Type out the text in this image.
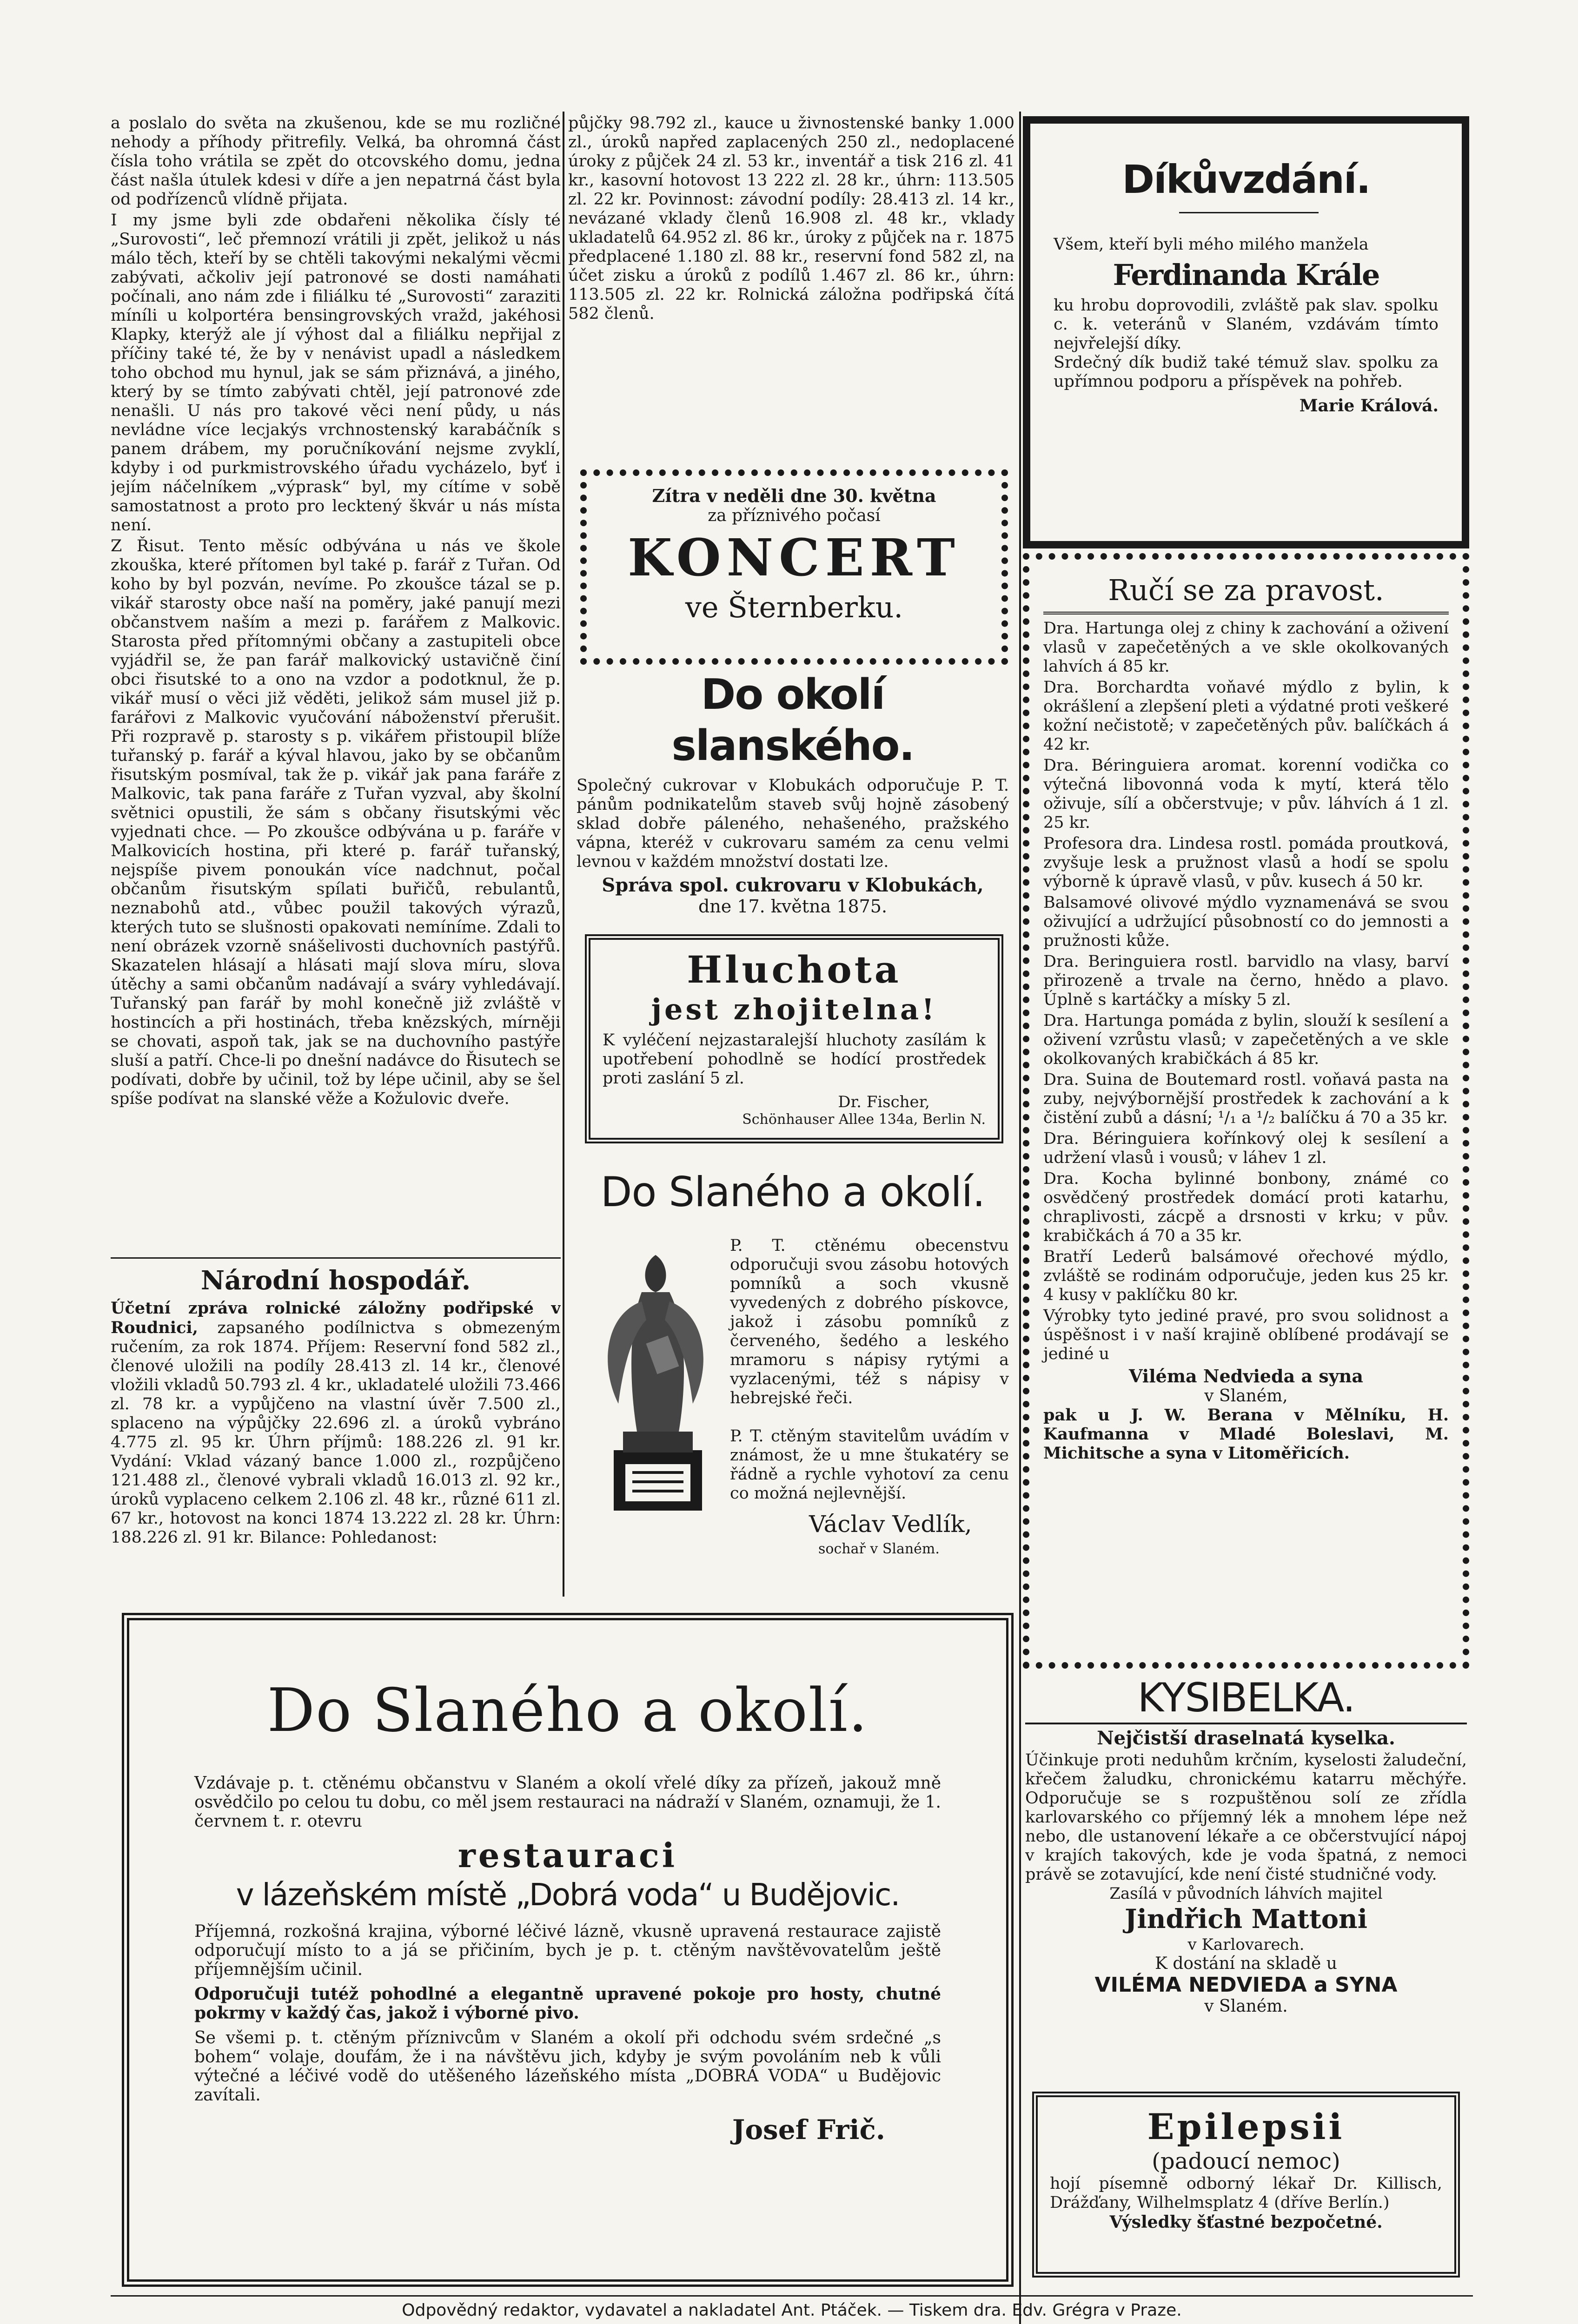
a poslalo do světa na zkušenou, kde se mu rozličné nehody a příhody přitrefily. Velká, ba ohromná část čísla toho vrátila se zpět do otcovského domu, jedna část našla útulek kdesi v díře a jen nepatrná část byla od podřízenců vlídně přijata.

I my jsme byli zde obdařeni několika čísly té „Surovosti“, leč přemnozí vrátili ji zpět, jelikož u nás málo těch, kteří by se chtěli takovými nekalými věcmi zabývati, ačkoliv její patronové se dosti namáhati počínali, ano nám zde i filiálku té „Surovosti“ zaraziti míníli u kolportéra bensingrovských vražd, jakéhosi Klapky, kterýž ale jí výhost dal a filiálku nepřijal z příčiny také té, že by v nenávist upadl a následkem toho obchod mu hynul, jak se sám přiznává, a jiného, který by se tímto zabývati chtěl, její patronové zde nenašli. U nás pro takové věci není půdy, u nás nevládne více lecjakýs vrchnostenský karabáčník s panem drábem, my poručníkování nejsme zvyklí, kdyby i od purkmistrovského úřadu vycházelo, byť i jejím náčelníkem „výprask“ byl, my cítíme v sobě samostatnost a proto pro lecktený škvár u nás místa není.

Z Řisut. Tento měsíc odbývána u nás ve škole zkouška, které přítomen byl také p. farář z Tuřan. Od koho by byl pozván, nevíme. Po zkoušce tázal se p. vikář starosty obce naší na poměry, jaké panují mezi občanstvem naším a mezi p. farářem z Malkovic. Starosta před přítomnými občany a zastupiteli obce vyjádřil se, že pan farář malkovický ustavičně činí obci řisutské to a ono na vzdor a podotknul, že p. vikář musí o věci již věděti, jelikož sám musel již p. farářovi z Malkovic vyučování náboženství přerušit. Při rozpravě p. starosty s p. vikářem přistoupil blíže tuřanský p. farář a kýval hlavou, jako by se občanům řisutským posmíval, tak že p. vikář jak pana faráře z Malkovic, tak pana faráře z Tuřan vyzval, aby školní světnici opustili, že sám s občany řisutskými věc vyjednati chce. — Po zkoušce odbývána u p. faráře v Malkovicích hostina, při které p. farář tuřanský, nejspíše pivem ponoukán více nadchnut, počal občanům řisutským spílati buřičů, rebulantů, neznabohů atd., vůbec použil takových výrazů, kterých tuto se slušnosti opakovati nemíníme. Zdali to není obrázek vzorně snášelivosti duchovních pastýřů. Skazatelen hlásají a hlásati mají slova míru, slova útěchy a sami občanům nadávají a sváry vyhledávají. Tuřanský pan farář by mohl konečně již zvláště v hostincích a při hostinách, třeba knězských, mírněji se chovati, aspoň tak, jak se na duchovního pastýře sluší a patří. Chce-li po dnešní nadávce do Řisutech se podívati, dobře by učinil, tož by lépe učinil, aby se šel spíše podívat na slanské věže a Kožulovic dveře.

Národní hospodář.
Účetní zpráva rolnické záložny podřipské v Roudnici, zapsaného podílnictva s obmezeným ručením, za rok 1874. Příjem: Reservní fond 582 zl., členové uložili na podíly 28.413 zl. 14 kr., členové vložili vkladů 50.793 zl. 4 kr., ukladatelé uložili 73.466 zl. 78 kr. a vypůjčeno na vlastní úvěr 7.500 zl., splaceno na výpůjčky 22.696 zl. a úroků vybráno 4.775 zl. 95 kr. Úhrn příjmů: 188.226 zl. 91 kr. Vydání: Vklad vázaný bance 1.000 zl., rozpůjčeno 121.488 zl., členové vybrali vkladů 16.013 zl. 92 kr., úroků vyplaceno celkem 2.106 zl. 48 kr., různé 611 zl. 67 kr., hotovost na konci 1874 13.222 zl. 28 kr. Úhrn: 188.226 zl. 91 kr. Bilance: Pohledanost:
půjčky 98.792 zl., kauce u živnostenské banky 1.000 zl., úroků napřed zaplacených 250 zl., nedoplacené úroky z půjček 24 zl. 53 kr., inventář a tisk 216 zl. 41 kr., kasovní hotovost 13 222 zl. 28 kr., úhrn: 113.505 zl. 22 kr. Povinnost: závodní podíly: 28.413 zl. 14 kr., nevázané vklady členů 16.908 zl. 48 kr., vklady ukladatelů 64.952 zl. 86 kr., úroky z půjček na r. 1875 předplacené 1.180 zl. 88 kr., reservní fond 582 zl, na účet zisku a úroků z podílů 1.467 zl. 86 kr., úhrn: 113.505 zl. 22 kr. Rolnická záložna podřipská čítá 582 členů.
Zítra v neděli dne 30. května
za příznivého počasí
KONCERT
ve Šternberku.
Do okolí slanského.
Společný cukrovar v Klobukách odporučuje P. T. pánům podnikatelům staveb svůj hojně zásobený sklad dobře páleného, nehašeného, pražského vápna, kteréž v cukrovaru samém za cenu velmi levnou v každém množství dostati lze.
Správa spol. cukrovaru v Klobukách,
dne 17. května 1875.
Hluchota
jest zhojitelna!
K vyléčení nejzastaralejší hluchoty zasílám k upotřebení pohodlně se hodící prostředek proti zaslání 5 zl.
Dr. Fischer,
Schönhauser Allee 134a, Berlin N.
Do Slaného a okolí.
P. T. ctěnému obecenstvu odporučuji svou zásobu hotových pomníků a soch vkusně vyvedených z dobrého pískovce, jakož i zásobu pomníků z červeného, šedého a leského mramoru s nápisy rytými a vyzlacenými, též s nápisy v hebrejské řeči.
P. T. ctěným stavitelům uvádím v známost, že u mne štukatéry se řádně a rychle vyhotoví za cenu co možná nejlevnější.
Václav Vedlík,
sochař v Slaném.
Díkůvzdání.
Všem, kteří byli mého milého manžela
Ferdinanda Krále
ku hrobu doprovodili, zvláště pak slav. spolku c. k. veteránů v Slaném, vzdávám tímto nejvřelejší díky.
Srdečný dík budiž také témuž slav. spolku za upřímnou podporu a příspěvek na pohřeb.
Marie Králová.
Ručí se za pravost.

Dra. Hartunga olej z chiny k zachování a oživení vlasů v zapečetěných a ve skle okolkovaných lahvích á 85 kr.

Dra. Borchardta voňavé mýdlo z bylin, k okrášlení a zlepšení pleti a výdatné proti veškeré kožní nečistotě; v zapečetěných pův. balíčkách á 42 kr.

Dra. Béringuiera aromat. korenní vodička co výtečná libovonná voda k mytí, která tělo oživuje, sílí a občerstvuje; v pův. láhvích á 1 zl. 25 kr.

Profesora dra. Lindesa rostl. pomáda proutková, zvyšuje lesk a pružnost vlasů a hodí se spolu výborně k úpravě vlasů, v pův. kusech á 50 kr.

Balsamové olivové mýdlo vyznamenává se svou oživující a udržující působností co do jemnosti a pružnosti kůže.

Dra. Beringuiera rostl. barvidlo na vlasy, barví přirozeně a trvale na černo, hnědo a plavo. Úplně s kartáčky a mísky 5 zl.

Dra. Hartunga pomáda z bylin, slouží k sesílení a oživení vzrůstu vlasů; v zapečetěných a ve skle okolkovaných krabičkách á 85 kr.

Dra. Suina de Boutemard rostl. voňavá pasta na zuby, nejvýbornější prostředek k zachování a k čistění zubů a dásní; ¹/₁ a ¹/₂ balíčku á 70 a 35 kr.

Dra. Béringuiera kořínkový olej k sesílení a udržení vlasů i vousů; v láhev 1 zl.

Dra. Kocha bylinné bonbony, známé co osvědčený prostředek domácí proti katarhu, chraplivosti, zácpě a drsnosti v krku; v pův. krabičkách á 70 a 35 kr.

Bratří Lederů balsámové ořechové mýdlo, zvláště se rodinám odporučuje, jeden kus 25 kr. 4 kusy v paklíčku 80 kr.

Výrobky tyto jediné pravé, pro svou solidnost a úspěšnost i v naší krajině oblíbené prodávají se jediné u

Viléma Nedvieda a syna
v Slaném,
pak u J. W. Berana v Mělníku, H. Kaufmanna v Mladé Boleslavi, M. Michitsche a syna v Litoměřicích.
KYSIBELKA.
Nejčistší draselnatá kyselka.
Účinkuje proti neduhům krčním, kyselosti žaludeční, křečem žaludku, chronickému katarru měchýře. Odporučuje se s rozpuštěnou solí ze zřídla karlovarského co příjemný lék a mnohem lépe než nebo, dle ustanovení lékaře a ce občerstvující nápoj v krajích takových, kde je voda špatná, z nemoci právě se zotavující, kde není čisté studničné vody.
Zasílá v původních láhvích majitel
Jindřich Mattoni
v Karlovarech.
K dostání na skladě u
VILÉMA NEDVIEDA a SYNA
v Slaném.
Epilepsii
(padoucí nemoc)
hojí písemně odborný lékař Dr. Killisch, Drážďany, Wilhelmsplatz 4 (dříve Berlín.)
Výsledky šťastné bezpočetné.
Do Slaného a okolí.
Vzdávaje p. t. ctěnému občanstvu v Slaném a okolí vřelé díky za přízeň, jakouž mně osvědčilo po celou tu dobu, co měl jsem restauraci na nádraží v Slaném, oznamuji, že 1. červnem t. r. otevru
restauraci
v lázeňském místě „Dobrá voda“ u Budějovic.
Příjemná, rozkošná krajina, výborné léčivé lázně, vkusně upravená restaurace zajistě odporučují místo to a já se přičiním, bych je p. t. ctěným navštěvovatelům ještě příjemnějším učinil.
Odporučuji tutéž pohodlné a elegantně upravené pokoje pro hosty, chutné pokrmy v každý čas, jakož i výborné pivo.
Se všemi p. t. ctěným příznivcům v Slaném a okolí při odchodu svém srdečné „s bohem“ volaje, doufám, že i na návštěvu jich, kdyby je svým povoláním neb k vůli výtečné a léčivé vodě do utěšeného lázeňského místa „DOBRÁ VODA“ u Budějovic zavítali.
Josef Frič.
Odpovědný redaktor, vydavatel a nakladatel Ant. Ptáček. — Tiskem dra. Edv. Grégra v Praze.
